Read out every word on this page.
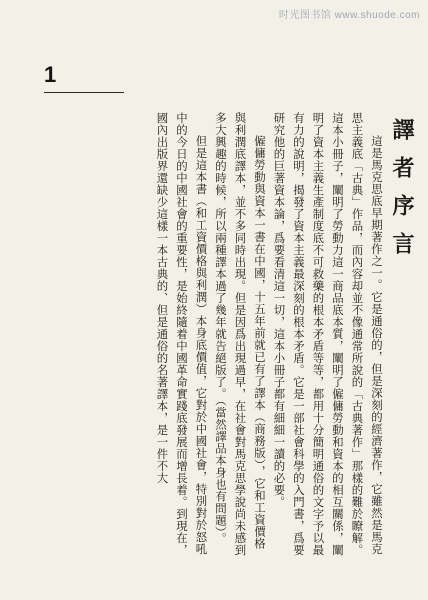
时光图书馆 www.shuode.com
1
譯者序言

這是馬克思底早期著作之一。它是通俗的，但是深刻的經濟著作，它雖然是馬克思主義底「古典」作品，而內容却並不像通常所說的「古典著作」那樣的難於瞭解。這本小冊子，闡明了勞動力這一商品底本質，闡明了僱傭勞動和資本的相互關係，闡明了資本主義生產制度底不可救藥的根本矛盾等等，都用十分簡明通俗的文字予以最有力的說明，揭發了資本主義最深刻的根本矛盾。它是一部社會科學的入門書，爲要研究他的巨著資本論，爲要看清這一切，這本小冊子都有細細一讀的必要。

僱傭勞動與資本一書在中國，十五年前就已有了譯本（商務版），它和工資價格與利潤底譯本，並不多同時出現。但是因爲出現過早，在社會對馬克思學說尚未感到多大興趣的時候，所以兩種譯本過了幾年就告絕版了。（當然譯品本身也有問題）。

但是這本書（和工資價格與利潤）本身底價值，它對於中國社會，特別對於怒吼中的今日的中國社會的重要性，是始終隨着中國革命實踐底發展而增長着。到現在，國內出版界還缺少這樣一本古典的、但是通俗的名著譯本，是一件不大
